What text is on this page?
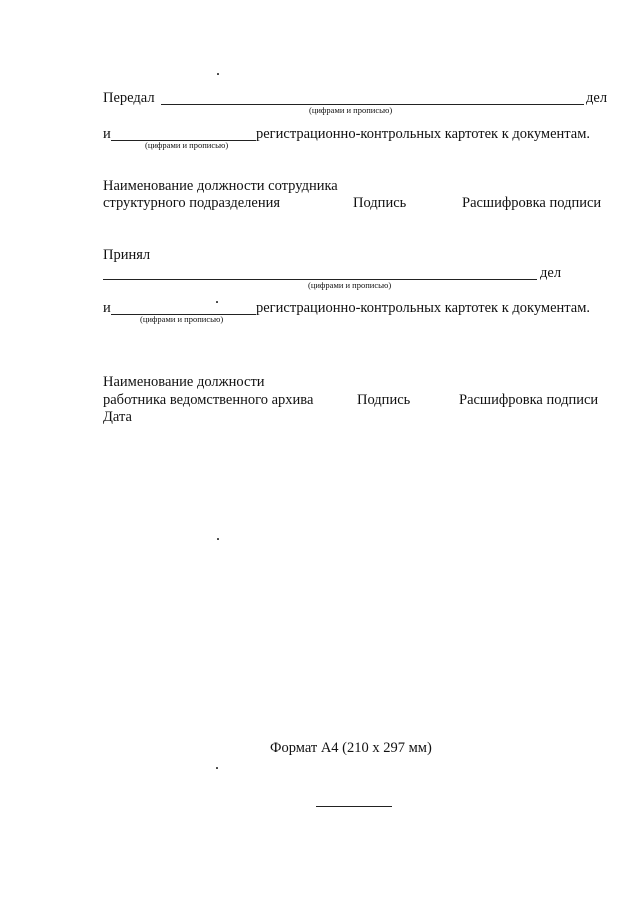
Передал	дел
(цифрами и прописью)
и	регистрационно-контрольных картотек к документам.
(цифрами и прописью)
Наименование должности сотрудника
структурного подразделения	Подпись	Расшифровка подписи
Принял
дел
(цифрами и прописью)
и	регистрационно-контрольных картотек к документам.
(цифрами и прописью)
Наименование должности
работника ведомственного архива	Подпись	Расшифровка подписи
Дата
Формат А4 (210 х 297 мм)
